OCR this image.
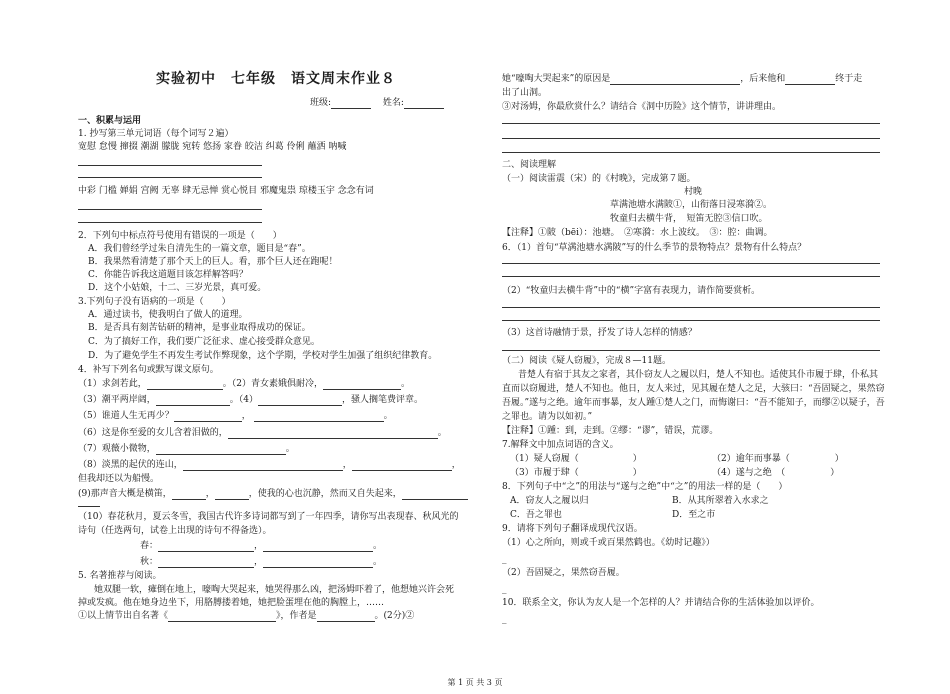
实验初中　七年级　语文周末作业８
班级: 　	姓名:
一、积累与运用
1. 抄写第三单元词语（每个词写２遍）
宽慰 怠慢 撺掇 潮湖 朦胧 宛转 悠扬 家眷 皎洁 纠葛 伶俐 蘸洒 呐喊
中彩 门槛 婵娟 宫阙 无辜 肆无忌惮 赏心悦目 邪魔鬼祟 琼楼玉宇 念念有词
2．下列句中标点符号使用有错误的一项是（　　）
A．我们曾经学过朱自清先生的一篇文章，题目是“春”。
B．我果然看清楚了那个天上的巨人。看，那个巨人还在跑呢！
C．你能告诉我这道题目该怎样解答吗？
D．这个小姑娘，十二、三岁光景，真可爱。
3.下列句子没有语病的一项是（　　）
A．通过读书，使我明白了做人的道理。
B．是否具有刻苦钻研的精神，是事业取得成功的保证。
C．为了搞好工作，我们要广泛征求、虚心接受群众意见。
D．为了避免学生不再发生考试作弊现象，这个学期，学校对学生加强了组织纪律教育。
4．补写下列名句或默写课文原句。
（1）求剑若此，	。（2）青女素娥俱耐冷，	。
（3）潮平两岸阔，	。（4）	，骚人搁笔费评章。
（5）谁道人生无再少？	，	。
（6）这是你至爱的女儿含着泪做的，	。
（7）观薇小微物，	。
（8）淡黑的起伏的连山，	，	，
但我却还以为船慢。
(9)那声音大概是横笛，	，	，使我的心也沉静，然而又自失起来，
（10）春花秋月，夏云冬雪，我国古代许多诗词都写到了一年四季，请你写出表现春、秋风光的
诗句（任选两句，试卷上出现的诗句不得备选）。
春：	，	。
秋：	，	。
5. 名著推荐与阅读。
她双腿一软，瘫倒在地上，嚎啕大哭起来，她哭得那么凶，把汤姆吓着了，他想她兴许会死
掉或发疯。他在她身边坐下，用胳膊搂着她，她把脸蛋埋在他的胸膛上，……
①以上情节出自名著《	》，作者是	。(2分)②
她“嚎啕大哭起来”的原因是	，后来他和	终于走
出了山洞。
③对汤姆，你最欣赏什么？请结合《洞中历险》这个情节，讲讲理由。
二、阅读理解
（一）阅读雷震（宋）的《村晚》，完成第７题。
村晚
草满池塘水满陂①，山衔落日浸寒漪②。
牧童归去横牛背，　短笛无腔③信口吹。
【注释】①陂（bēi）：池塘。　②寒漪：水上波纹。　③：腔：曲调。
6．（1）首句“草满池塘水满陂”写的什么季节的景物特点？景物有什么特点？
（2）“牧童归去横牛背”中的“横”字富有表现力，请作简要赏析。
（3）这首诗融情于景，抒发了诗人怎样的情感？
（二）阅读《疑人窃履》，完成８—11题。
昔楚人有宿于其友之家者，其仆窃友人之履以归，楚人不知也。适使其仆市履于肆，仆私其
直而以窃履进，楚人不知也。他日，友人来过，见其履在楚人之足，大骇曰：“吾固疑之，果然窃
吾履。”遂与之绝。逾年而事暴，友人踵①楚人之门，而悔谢曰：“吾不能知子，而缪②以疑子，吾
之罪也。请为以如初。”
【注释】①踵：到，走到。②缪：“谬”，错误，荒谬。
7.解释文中加点词语的含义。
（1）疑人窃履（　　　　　　）	（2）逾年而事暴（　　　　　）
（3）市履于肆（　　　　　　）	（4）遂与之绝　（　　　　　）
8．下列句子中“之”的用法与“遂与之绝”中“之”的用法一样的是（　　）
A．窃友人之履以归	B．从其所翠着入水求之
C．吾之罪也	D．至之市
9．请将下列句子翻译成现代汉语。
（1）心之所向，则或千或百果然鹤也。《幼时记趣》）
_
（2）吾固疑之，果然窃吾履。
_
10．联系全文，你认为友人是一个怎样的人？并请结合你的生活体验加以评价。
_
第 1 页 共 3 页
